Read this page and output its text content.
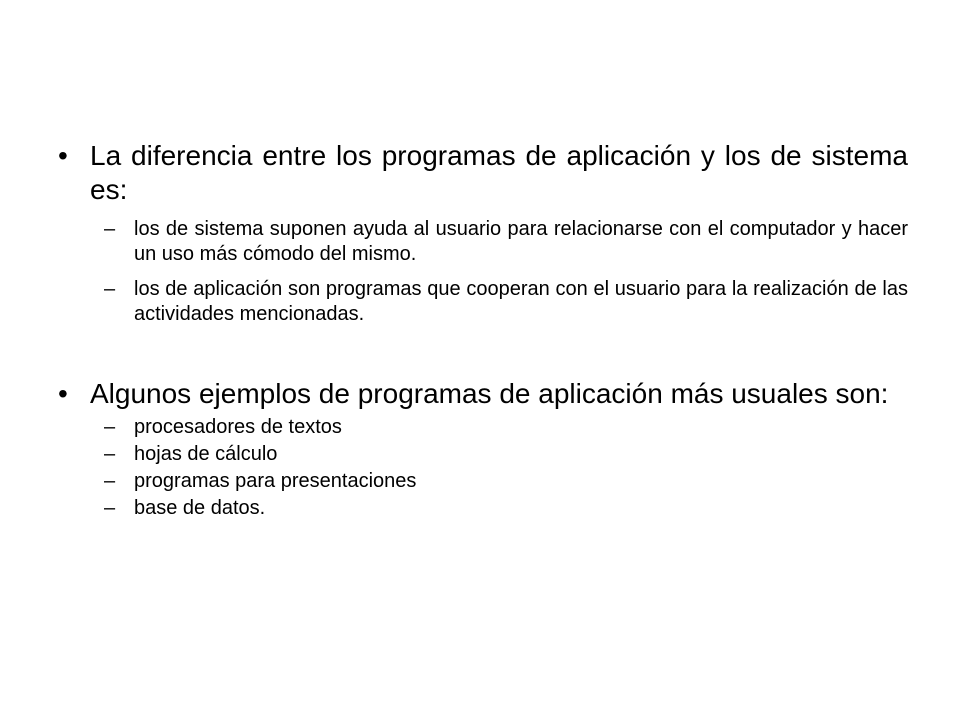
• La diferencia entre los programas de aplicación y los de sistema es:
– los de sistema suponen ayuda al usuario para relacionarse con el computador y hacer un uso más cómodo del mismo.
– los de aplicación son programas que cooperan con el usuario para la realización de las actividades mencionadas.
• Algunos ejemplos de programas de aplicación más usuales son:
– procesadores de textos
– hojas de cálculo
– programas para presentaciones
– base de datos.
